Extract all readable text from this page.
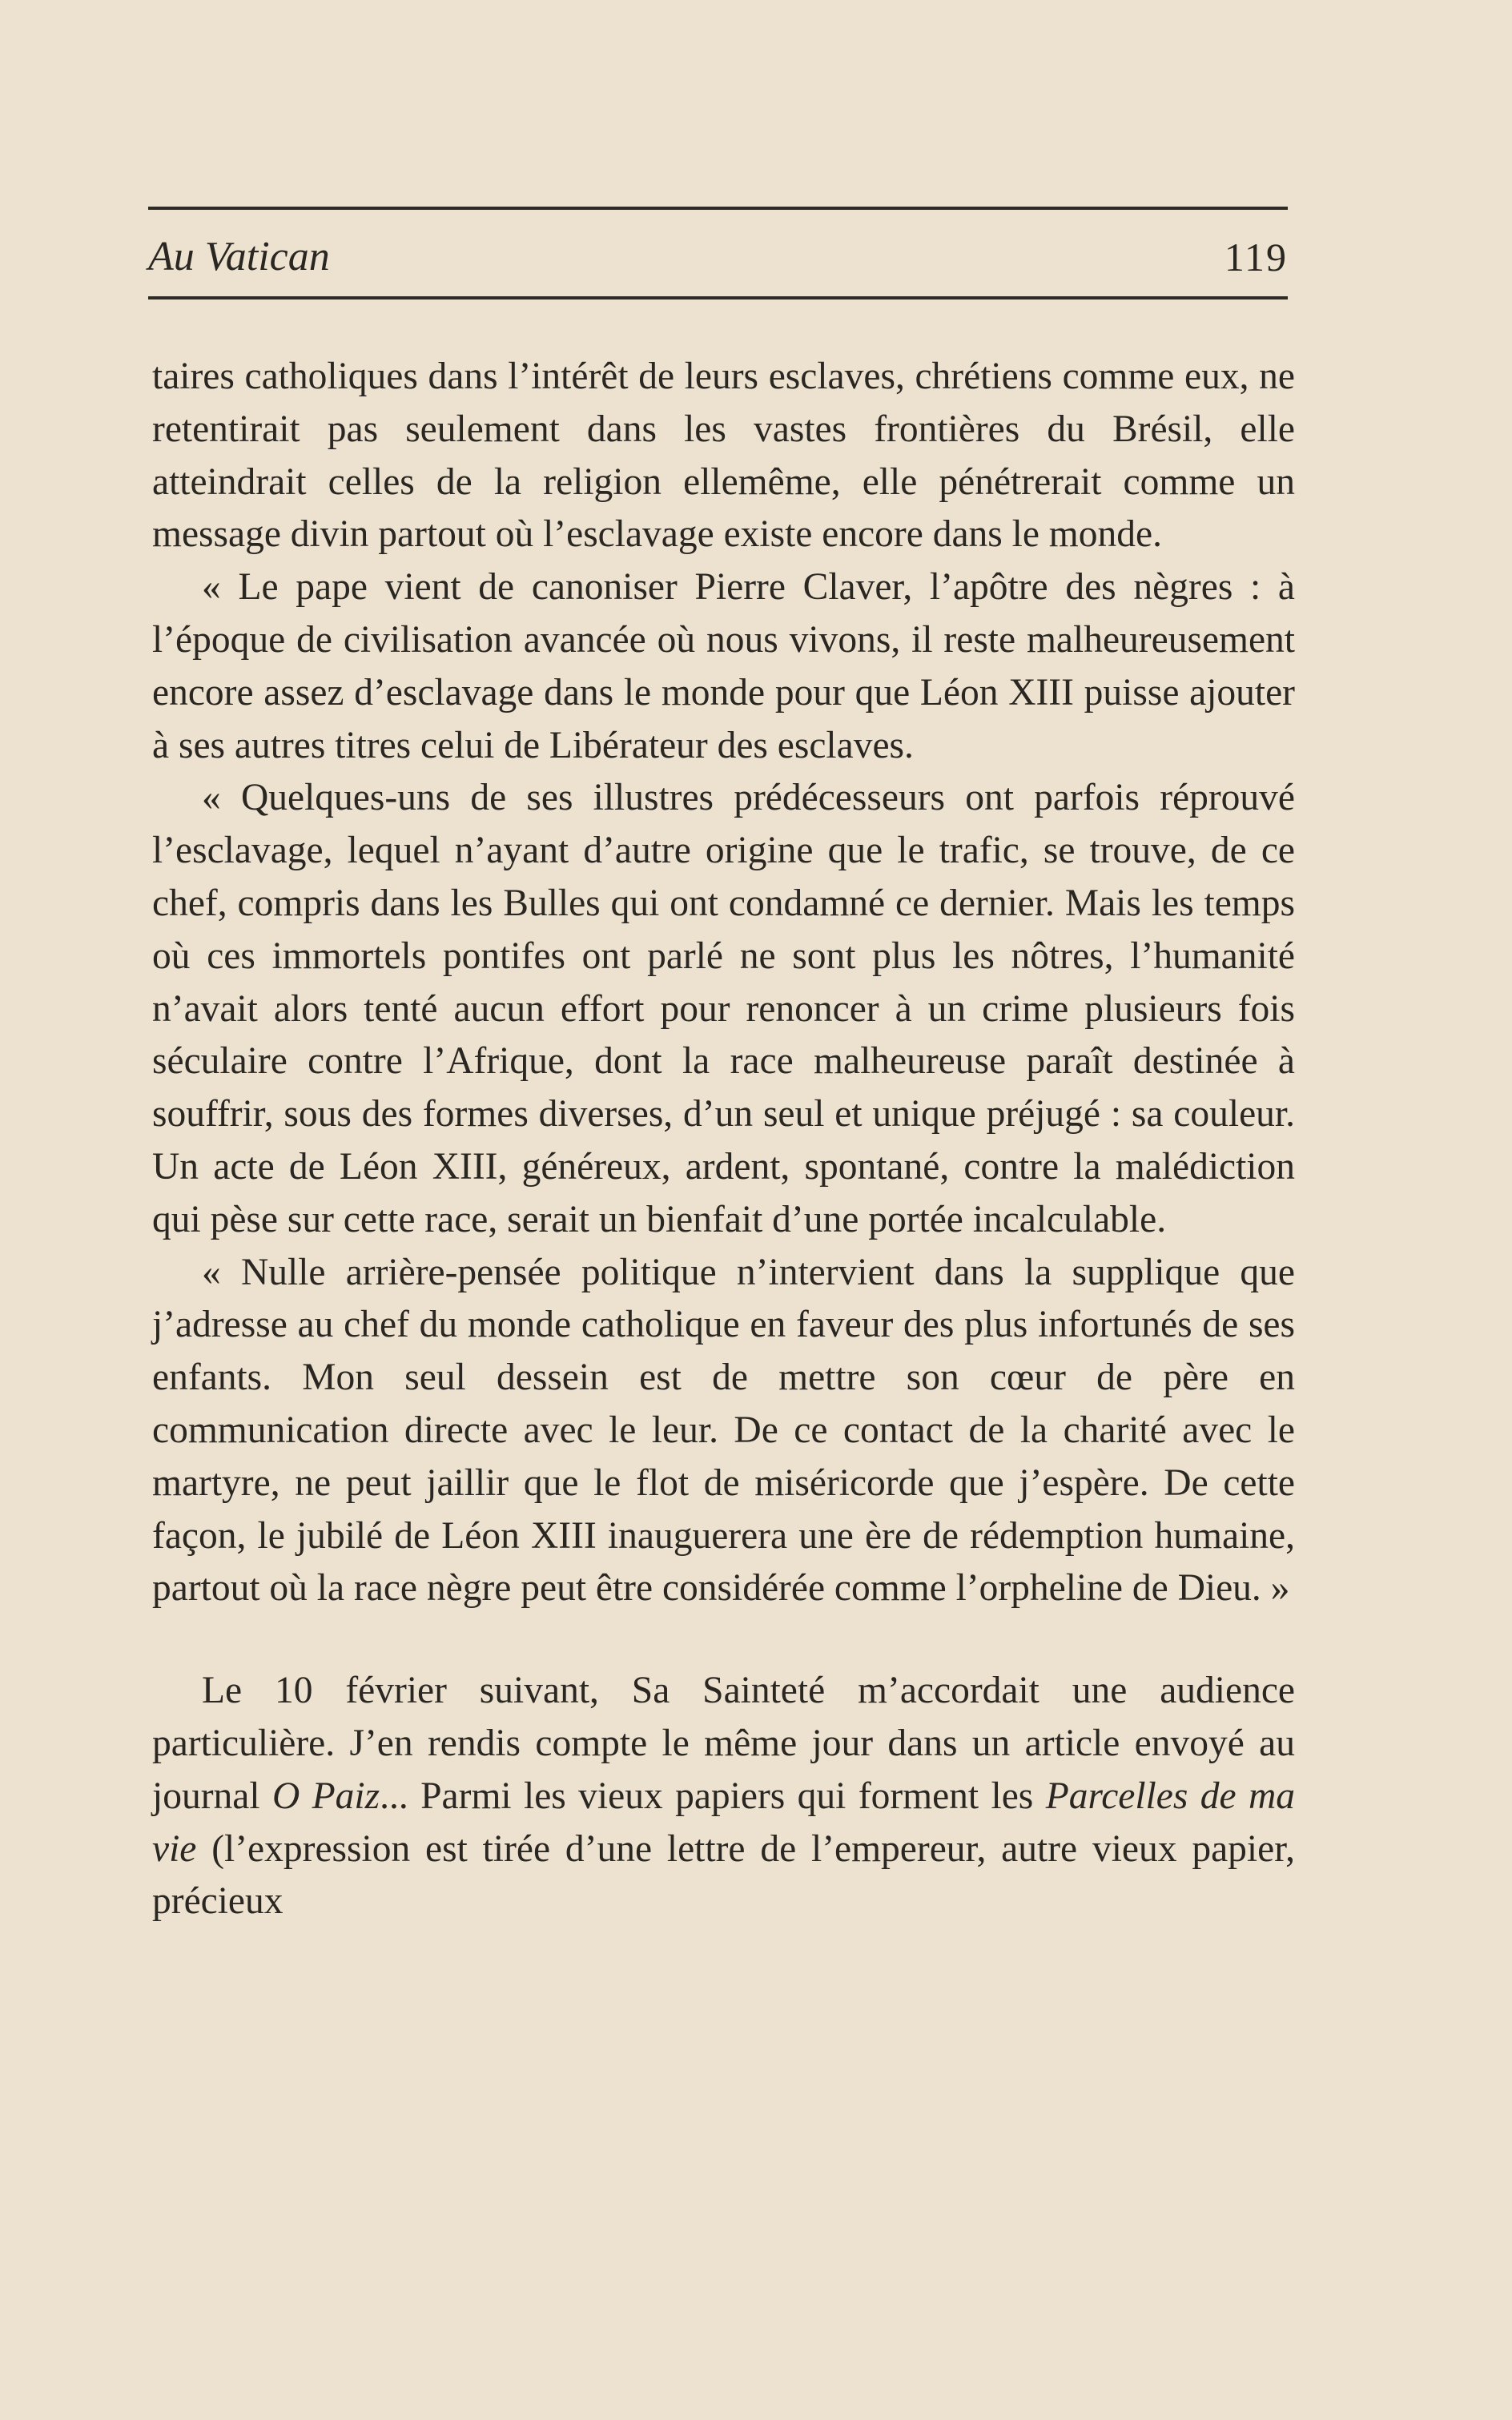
Au Vatican	119

taires catholiques dans l’intérêt de leurs esclaves, chrétiens comme eux, ne retentirait pas seulement dans les vastes frontières du Brésil, elle atteindrait celles de la religion ellemême, elle pénétrerait comme un message divin partout où l’esclavage existe encore dans le monde.

« Le pape vient de canoniser Pierre Claver, l’apôtre des nègres : à l’époque de civilisation avancée où nous vivons, il reste malheureusement encore assez d’esclavage dans le monde pour que Léon XIII puisse ajouter à ses autres titres celui de Libérateur des esclaves.

« Quelques-uns de ses illustres prédécesseurs ont parfois réprouvé l’esclavage, lequel n’ayant d’autre origine que le trafic, se trouve, de ce chef, compris dans les Bulles qui ont condamné ce dernier. Mais les temps où ces immortels pontifes ont parlé ne sont plus les nôtres, l’humanité n’avait alors tenté aucun effort pour renoncer à un crime plusieurs fois séculaire contre l’Afrique, dont la race malheureuse paraît destinée à souffrir, sous des formes diverses, d’un seul et unique préjugé : sa couleur. Un acte de Léon XIII, généreux, ardent, spontané, contre la malédiction qui pèse sur cette race, serait un bienfait d’une portée incalculable.

« Nulle arrière-pensée politique n’intervient dans la supplique que j’adresse au chef du monde catholique en faveur des plus infortunés de ses enfants. Mon seul dessein est de mettre son cœur de père en communication directe avec le leur. De ce contact de la charité avec le martyre, ne peut jaillir que le flot de miséricorde que j’espère. De cette façon, le jubilé de Léon XIII inauguerera une ère de rédemption humaine, partout où la race nègre peut être considérée comme l’orpheline de Dieu. »

Le 10 février suivant, Sa Sainteté m’accordait une audience particulière. J’en rendis compte le même jour dans un article envoyé au journal O Paiz... Parmi les vieux papiers qui forment les Parcelles de ma vie (l’expression est tirée d’une lettre de l’empereur, autre vieux papier, précieux
